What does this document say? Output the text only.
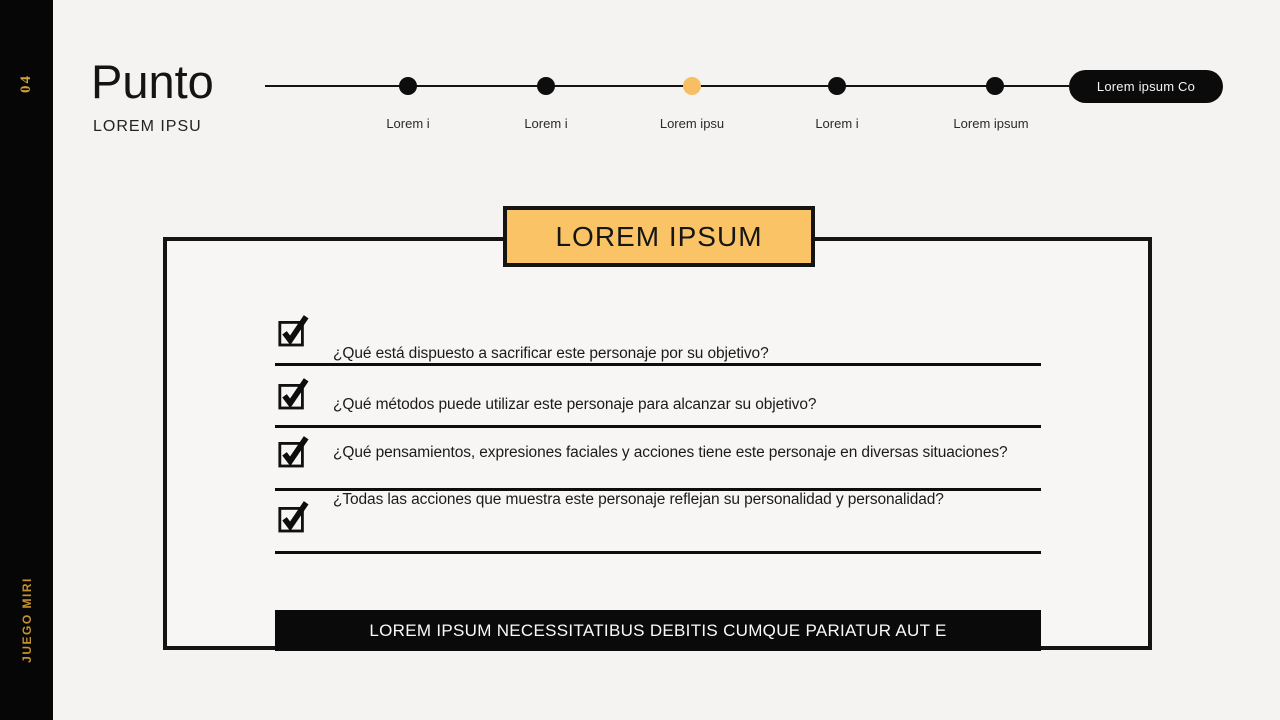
04
JUEGO MIRI
Punto
LOREM IPSU	Lorem i	Lorem i	Lorem ipsu	Lorem i	Lorem ipsum
Lorem ipsum Co
LOREM IPSUM
¿Qué está dispuesto a sacrificar este personaje por su objetivo?
¿Qué métodos puede utilizar este personaje para alcanzar su objetivo?
¿Qué pensamientos, expresiones faciales y acciones tiene este personaje en diversas situaciones?
¿Todas las acciones que muestra este personaje reflejan su personalidad y personalidad?
LOREM IPSUM NECESSITATIBUS DEBITIS CUMQUE PARIATUR AUT E
